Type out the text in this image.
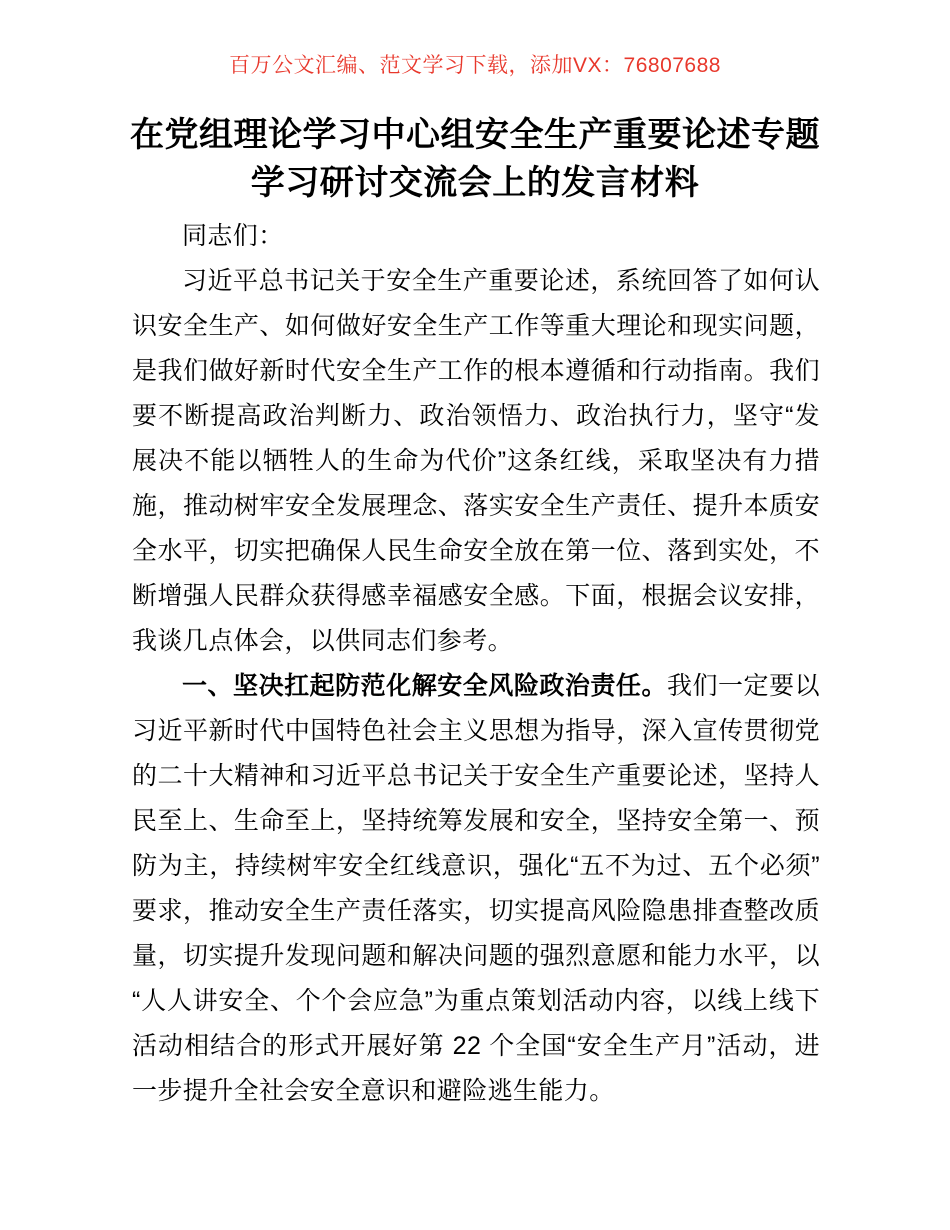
百万公文汇编、范文学习下载，添加VX：76807688
在党组理论学习中心组安全生产重要论述专题
学习研讨交流会上的发言材料

同志们：

习近平总书记关于安全生产重要论述，系统回答了如何认识安全生产、如何做好安全生产工作等重大理论和现实问题，是我们做好新时代安全生产工作的根本遵循和行动指南。我们要不断提高政治判断力、政治领悟力、政治执行力，坚守“发展决不能以牺牲人的生命为代价”这条红线，采取坚决有力措施，推动树牢安全发展理念、落实安全生产责任、提升本质安全水平，切实把确保人民生命安全放在第一位、落到实处，不断增强人民群众获得感幸福感安全感。下面，根据会议安排，我谈几点体会，以供同志们参考。

一、坚决扛起防范化解安全风险政治责任。我们一定要以习近平新时代中国特色社会主义思想为指导，深入宣传贯彻党的二十大精神和习近平总书记关于安全生产重要论述，坚持人民至上、生命至上，坚持统筹发展和安全，坚持安全第一、预防为主，持续树牢安全红线意识，强化“五不为过、五个必须”要求，推动安全生产责任落实，切实提高风险隐患排查整改质量，切实提升发现问题和解决问题的强烈意愿和能力水平，以“人人讲安全、个个会应急”为重点策划活动内容，以线上线下活动相结合的形式开展好第 22 个全国“安全生产月”活动，进一步提升全社会安全意识和避险逃生能力。
